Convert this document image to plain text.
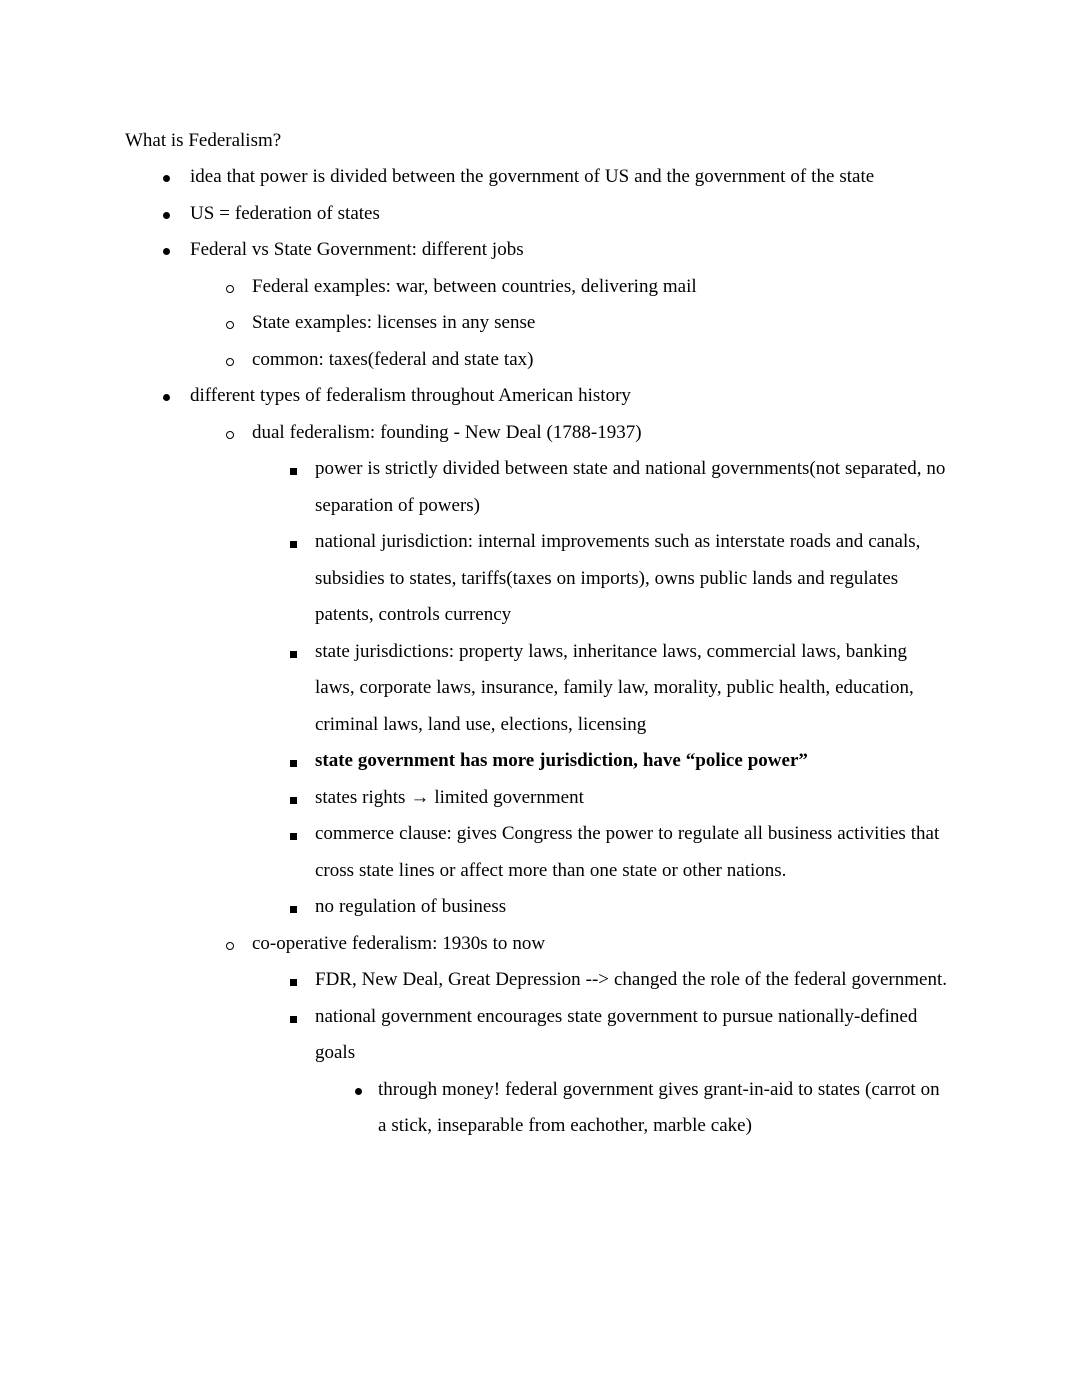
What is Federalism?

idea that power is divided between the government of US and the government of the state
US = federation of states
Federal vs State Government: different jobs
Federal examples: war, between countries, delivering mail
State examples: licenses in any sense
common: taxes(federal and state tax)
different types of federalism throughout American history
dual federalism: founding - New Deal (1788-1937)
power is strictly divided between state and national governments(not separated, no separation of powers)
national jurisdiction: internal improvements such as interstate roads and canals, subsidies to states, tariffs(taxes on imports), owns public lands and regulates patents, controls currency
state jurisdictions: property laws, inheritance laws, commercial laws, banking laws, corporate laws, insurance, family law, morality, public health, education, criminal laws, land use, elections, licensing
state government has more jurisdiction, have “police power”
states rights → limited government
commerce clause: gives Congress the power to regulate all business activities that cross state lines or affect more than one state or other nations.
no regulation of business
co-operative federalism: 1930s to now
FDR, New Deal, Great Depression --> changed the role of the federal government.
national government encourages state government to pursue nationally-defined goals
through money! federal government gives grant-in-aid to states (carrot on a stick, inseparable from eachother, marble cake)
